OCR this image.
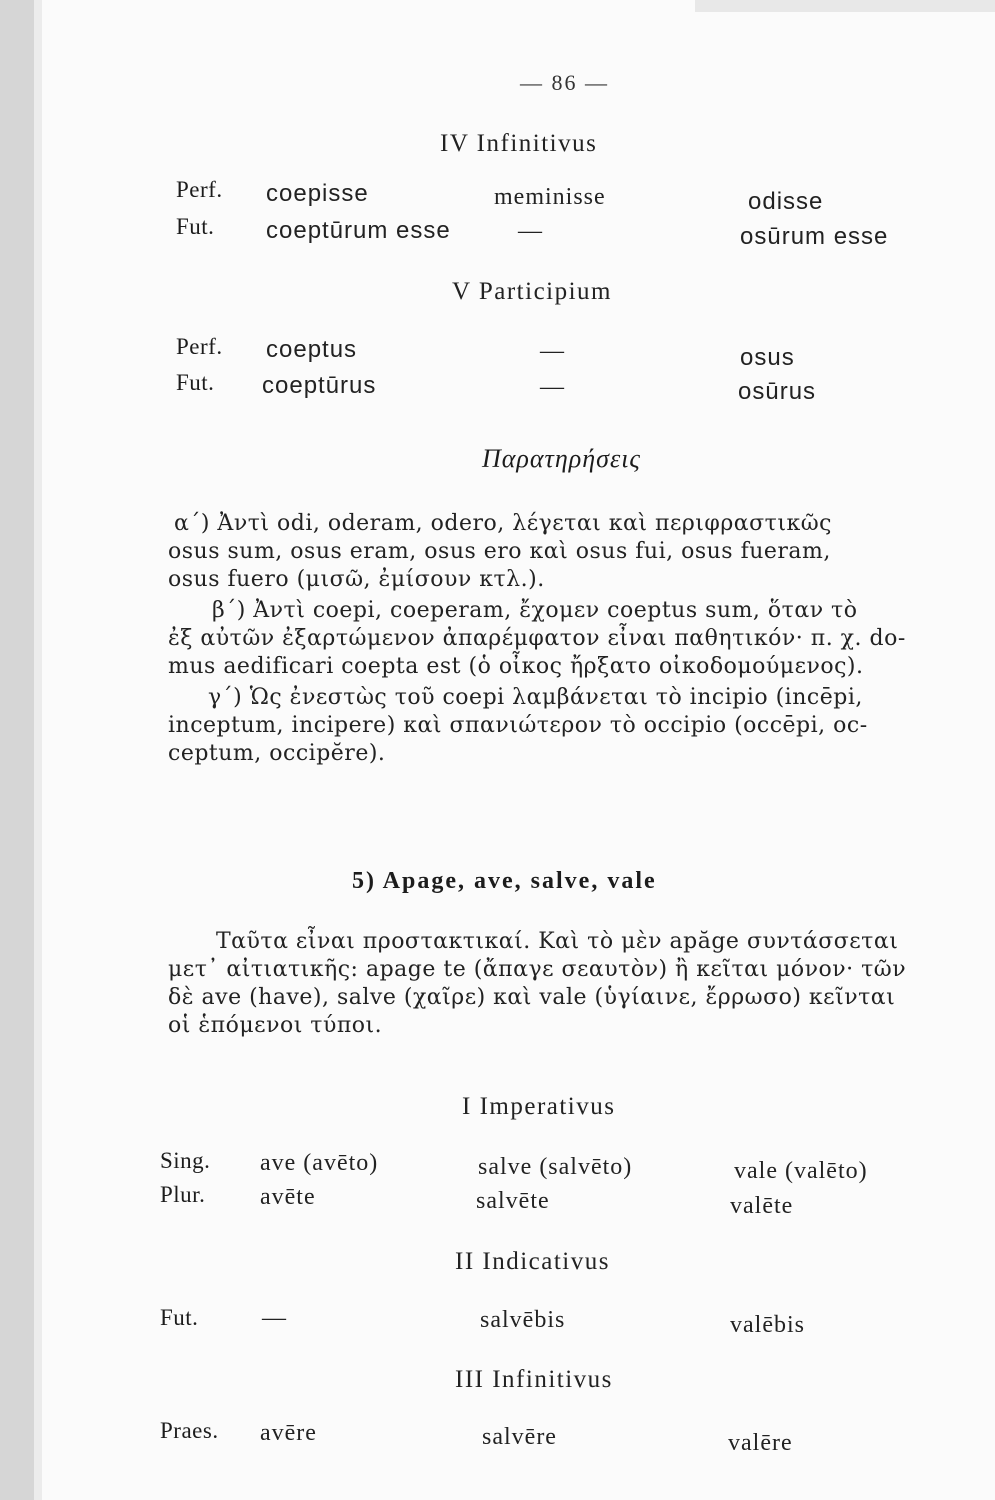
— 86 —
IV Infinitivus
Perf. coepisse	meminisse	odisse
Fut. coeptūrum esse	—	osūrum esse
V Participium
Perf. coeptus	—	osus
Fut. coeptūrus	—	osūrus
Παρατηρήσεις

α΄) Ἀντὶ odi, oderam, odero, λέγεται καὶ περιφραστικῶς

osus sum, osus eram, osus ero καὶ osus fui, osus fueram,

osus fuero (μισῶ, ἐμίσουν κτλ.).

β΄) Ἀντὶ coepi, coeperam, ἔχομεν coeptus sum, ὅταν τὸ

ἐξ αὐτῶν ἐξαρτώμενον ἀπαρέμφατον εἶναι παθητικόν· π. χ. do-

mus aedificari coepta est (ὁ οἶκος ἤρξατο οἰκοδομούμενος).

γ΄) Ὡς ἐνεστὼς τοῦ coepi λαμβάνεται τὸ incipio (incēpi,

inceptum, incipere) καὶ σπανιώτερον τὸ occipio (occēpi, oc-

ceptum, occipĕre).

5) Apage, ave, salve, vale

Ταῦτα εἶναι προστακτικαί. Καὶ τὸ μὲν apăge συντάσσεται

μετ᾽ αἰτιατικῆς: apage te (ἄπαγε σεαυτὸν) ἢ κεῖται μόνον· τῶν

δὲ ave (have), salve (χαῖρε) καὶ vale (ὑγίαινε, ἔρρωσο) κεῖνται

οἱ ἑπόμενοι τύποι.

I Imperativus
Sing. ave (avēto)	salve (salvēto)	vale (valēto)
Plur. avēte	salvēte	valēte
II Indicativus
Fut.	—	salvēbis	valēbis
III Infinitivus
Praes. avēre	salvēre	valēre
